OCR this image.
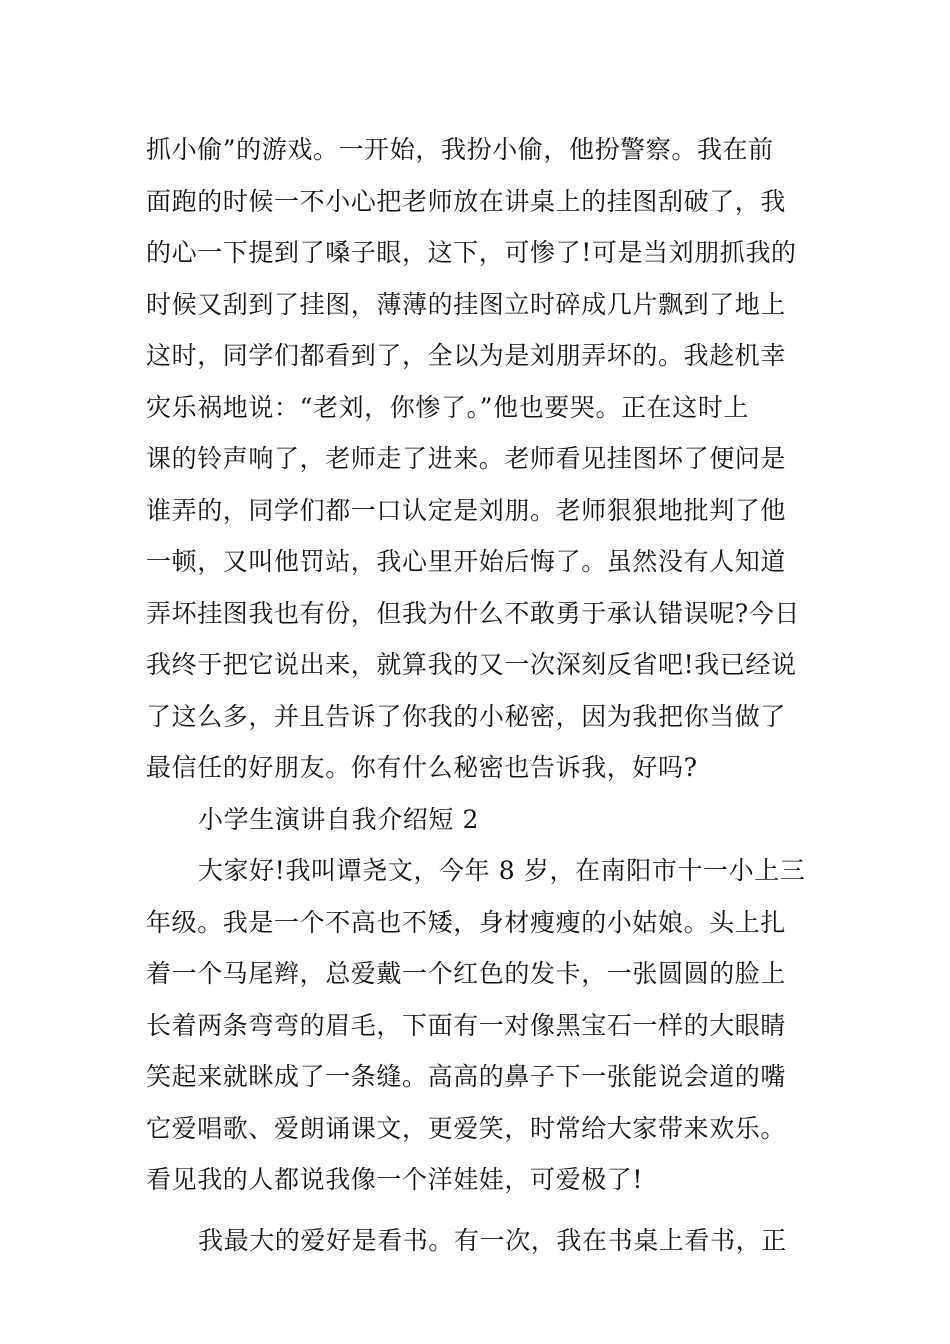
抓小偷”的游戏。一开始，我扮小偷，他扮警察。我在前
面跑的时候一不小心把老师放在讲桌上的挂图刮破了，我
的心一下提到了嗓子眼，这下，可惨了!可是当刘朋抓我的
时候又刮到了挂图，薄薄的挂图立时碎成几片飘到了地上
这时，同学们都看到了，全以为是刘朋弄坏的。我趁机幸
灾乐祸地说：“老刘，你惨了。”他也要哭。正在这时上
课的铃声响了，老师走了进来。老师看见挂图坏了便问是
谁弄的，同学们都一口认定是刘朋。老师狠狠地批判了他
一顿，又叫他罚站，我心里开始后悔了。虽然没有人知道
弄坏挂图我也有份，但我为什么不敢勇于承认错误呢?今日
我终于把它说出来，就算我的又一次深刻反省吧!我已经说
了这么多，并且告诉了你我的小秘密，因为我把你当做了
最信任的好朋友。你有什么秘密也告诉我，好吗?
小学生演讲自我介绍短 2
大家好!我叫谭尧文，今年 8 岁，在南阳市十一小上三
年级。我是一个不高也不矮，身材瘦瘦的小姑娘。头上扎
着一个马尾辫，总爱戴一个红色的发卡，一张圆圆的脸上
长着两条弯弯的眉毛，下面有一对像黑宝石一样的大眼睛
笑起来就眯成了一条缝。高高的鼻子下一张能说会道的嘴
它爱唱歌、爱朗诵课文，更爱笑，时常给大家带来欢乐。
看见我的人都说我像一个洋娃娃，可爱极了!
我最大的爱好是看书。有一次，我在书桌上看书，正
